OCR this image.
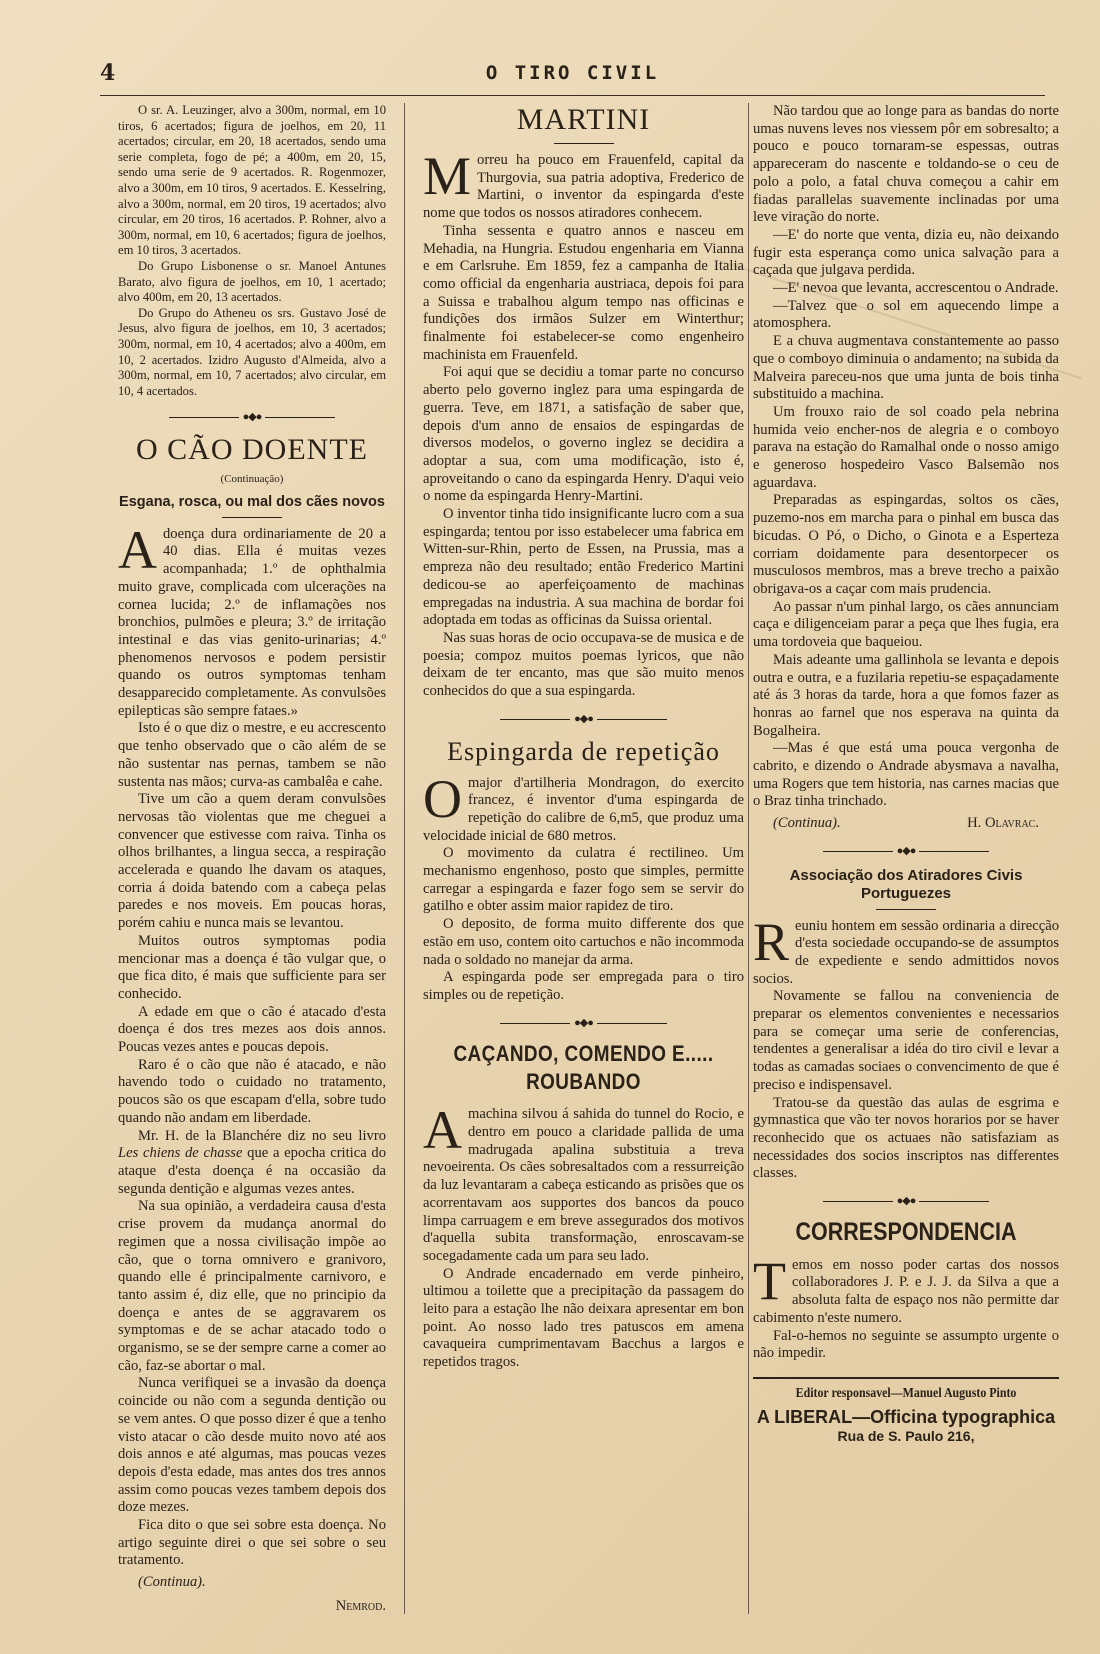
4	O TIRO CIVIL

O sr. A. Leuzinger, alvo a 300m, normal, em 10 tiros, 6 acertados; figura de joelhos, em 20, 11 acertados; circular, em 20, 18 acertados, sendo uma serie completa, fogo de pé; a 400m, em 20, 15, sendo uma serie de 9 acertados. R. Rogenmozer, alvo a 300m, em 10 tiros, 9 acertados. E. Kesselring, alvo a 300m, normal, em 20 tiros, 19 acertados; alvo circular, em 20 tiros, 16 acertados. P. Rohner, alvo a 300m, normal, em 10, 6 acertados; figura de joelhos, em 10 tiros, 3 acertados.

Do Grupo Lisbonense o sr. Manoel Antunes Barato, alvo figura de joelhos, em 10, 1 acertado; alvo 400m, em 20, 13 acertados.

Do Grupo do Atheneu os srs. Gustavo José de Jesus, alvo figura de joelhos, em 10, 3 acertados; 300m, normal, em 10, 4 acertados; alvo a 400m, em 10, 2 acertados. Izidro Augusto d'Almeida, alvo a 300m, normal, em 10, 7 acertados; alvo circular, em 10, 4 acertados.

●◆●
O CÃO DOENTE
(Continuação)
Esgana, rosca, ou mal dos cães novos

Adoença dura ordinariamente de 20 a 40 dias. Ella é muitas vezes acompanhada; 1.º de ophthalmia muito grave, complicada com ulcerações na cornea lucida; 2.º de inflamações nos bronchios, pulmões e pleura; 3.º de irritação intestinal e das vias genito-urinarias; 4.º phenomenos nervosos e podem persistir quando os outros symptomas tenham desapparecido completamente. As convulsões epilepticas são sempre fataes.»

Isto é o que diz o mestre, e eu accrescento que tenho observado que o cão além de se não sustentar nas pernas, tambem se não sustenta nas mãos; curva-as cambalêa e cahe.

Tive um cão a quem deram convulsões nervosas tão violentas que me cheguei a convencer que estivesse com raiva. Tinha os olhos brilhantes, a lingua secca, a respiração accelerada e quando lhe davam os ataques, corria á doida batendo com a cabeça pelas paredes e nos moveis. Em poucas horas, porém cahiu e nunca mais se levantou.

Muitos outros symptomas podia mencionar mas a doença é tão vulgar que, o que fica dito, é mais que sufficiente para ser conhecido.

A edade em que o cão é atacado d'esta doença é dos tres mezes aos dois annos. Poucas vezes antes e poucas depois.

Raro é o cão que não é atacado, e não havendo todo o cuidado no tratamento, poucos são os que escapam d'ella, sobre tudo quando não andam em liberdade.

Mr. H. de la Blanchére diz no seu livro Les chiens de chasse que a epocha critica do ataque d'esta doença é na occasião da segunda dentição e algumas vezes antes.

Na sua opinião, a verdadeira causa d'esta crise provem da mudança anormal do regimen que a nossa civilisação impõe ao cão, que o torna omnivero e granivoro, quando elle é principalmente carnivoro, e tanto assim é, diz elle, que no principio da doença e antes de se aggravarem os symptomas e de se achar atacado todo o organismo, se se der sempre carne a comer ao cão, faz-se abortar o mal.

Nunca verifiquei se a invasão da doença coincide ou não com a segunda dentição ou se vem antes. O que posso dizer é que a tenho visto atacar o cão desde muito novo até aos dois annos e até algumas, mas poucas vezes depois d'esta edade, mas antes dos tres annos assim como poucas vezes tambem depois dos doze mezes.

Fica dito o que sei sobre esta doença. No artigo seguinte direi o que sei sobre o seu tratamento.

(Continua).

Nemrod.
MARTINI

Morreu ha pouco em Frauenfeld, capital da Thurgovia, sua patria adoptiva, Frederico de Martini, o inventor da espingarda d'este nome que todos os nossos atiradores conhecem.

Tinha sessenta e quatro annos e nasceu em Mehadia, na Hungria. Estudou engenharia em Vianna e em Carlsruhe. Em 1859, fez a campanha de Italia como official da engenharia austriaca, depois foi para a Suissa e trabalhou algum tempo nas officinas e fundições dos irmãos Sulzer em Winterthur; finalmente foi estabelecer-se como engenheiro machinista em Frauenfeld.

Foi aqui que se decidiu a tomar parte no concurso aberto pelo governo inglez para uma espingarda de guerra. Teve, em 1871, a satisfação de saber que, depois d'um anno de ensaios de espingardas de diversos modelos, o governo inglez se decidira a adoptar a sua, com uma modificação, isto é, aproveitando o cano da espingarda Henry. D'aqui veio o nome da espingarda Henry-Martini.

O inventor tinha tido insignificante lucro com a sua espingarda; tentou por isso estabelecer uma fabrica em Witten-sur-Rhin, perto de Essen, na Prussia, mas a empreza não deu resultado; então Frederico Martini dedicou-se ao aperfeiçoamento de machinas empregadas na industria. A sua machina de bordar foi adoptada em todas as officinas da Suissa oriental.

Nas suas horas de ocio occupava-se de musica e de poesia; compoz muitos poemas lyricos, que não deixam de ter encanto, mas que são muito menos conhecidos do que a sua espingarda.

●◆●
Espingarda de repetição

Omajor d'artilheria Mondragon, do exercito francez, é inventor d'uma espingarda de repetição do calibre de 6,m5, que produz uma velocidade inicial de 680 metros.

O movimento da culatra é rectilineo. Um mechanismo engenhoso, posto que simples, permitte carregar a espingarda e fazer fogo sem se servir do gatilho e obter assim maior rapidez de tiro.

O deposito, de forma muito differente dos que estão em uso, contem oito cartuchos e não incommoda nada o soldado no manejar da arma.

A espingarda pode ser empregada para o tiro simples ou de repetição.

●◆●
CAÇANDO, COMENDO E..... ROUBANDO

Amachina silvou á sahida do tunnel do Rocio, e dentro em pouco a claridade pallida de uma madrugada apalina substituia a treva nevoeirenta. Os cães sobresaltados com a ressurreição da luz levantaram a cabeça esticando as prisões que os acorrentavam aos supportes dos bancos da pouco limpa carruagem e em breve assegurados dos motivos d'aquella subita transformação, enroscavam-se socegadamente cada um para seu lado.

O Andrade encadernado em verde pinheiro, ultimou a toilette que a precipitação da passagem do leito para a estação lhe não deixara apresentar em bon point. Ao nosso lado tres patuscos em amena cavaqueira cumprimentavam Bacchus a largos e repetidos tragos.

Não tardou que ao longe para as bandas do norte umas nuvens leves nos viessem pôr em sobresalto; a pouco e pouco tornaram-se espessas, outras appareceram do nascente e toldando-se o ceu de polo a polo, a fatal chuva começou a cahir em fiadas parallelas suavemente inclinadas por uma leve viração do norte.

—E' do norte que venta, dizia eu, não deixando fugir esta esperança como unica salvação para a caçada que julgava perdida.

—E' nevoa que levanta, accrescentou o Andrade.

—Talvez que o sol em aquecendo limpe a atomosphera.

E a chuva augmentava constantemente ao passo que o comboyo diminuia o andamento; na subida da Malveira pareceu-nos que uma junta de bois tinha substituido a machina.

Um frouxo raio de sol coado pela nebrina humida veio encher-nos de alegria e o comboyo parava na estação do Ramalhal onde o nosso amigo e generoso hospedeiro Vasco Balsemão nos aguardava.

Preparadas as espingardas, soltos os cães, puzemo-nos em marcha para o pinhal em busca das bicudas. O Pó, o Dicho, o Ginota e a Esperteza corriam doidamente para desentorpecer os musculosos membros, mas a breve trecho a paixão obrigava-os a caçar com mais prudencia.

Ao passar n'um pinhal largo, os cães annunciam caça e diligenceiam parar a peça que lhes fugia, era uma tordoveia que baqueiou.

Mais adeante uma gallinhola se levanta e depois outra e outra, e a fuzilaria repetiu-se espaçadamente até ás 3 horas da tarde, hora a que fomos fazer as honras ao farnel que nos esperava na quinta da Bogalheira.

—Mas é que está uma pouca vergonha de cabrito, e dizendo o Andrade abysmava a navalha, uma Rogers que tem historia, nas carnes macias que o Braz tinha trinchado.

(Continua).	H. Olavrac.
●◆●
Associação dos Atiradores Civis Portuguezes

Reuniu hontem em sessão ordinaria a direcção d'esta sociedade occupando-se de assumptos de expediente e sendo admittidos novos socios.

Novamente se fallou na conveniencia de preparar os elementos convenientes e necessarios para se começar uma serie de conferencias, tendentes a generalisar a idéa do tiro civil e levar a todas as camadas sociaes o convencimento de que é preciso e indispensavel.

Tratou-se da questão das aulas de esgrima e gymnastica que vão ter novos horarios por se haver reconhecido que os actuaes não satisfaziam as necessidades dos socios inscriptos nas differentes classes.

●◆●
CORRESPONDENCIA

Temos em nosso poder cartas dos nossos collaboradores J. P. e J. J. da Silva a que a absoluta falta de espaço nos não permitte dar cabimento n'este numero.

Fal-o-hemos no seguinte se assumpto urgente o não impedir.

Editor responsavel—Manuel Augusto Pinto
A LIBERAL—Officina typographica
Rua de S. Paulo 216,
